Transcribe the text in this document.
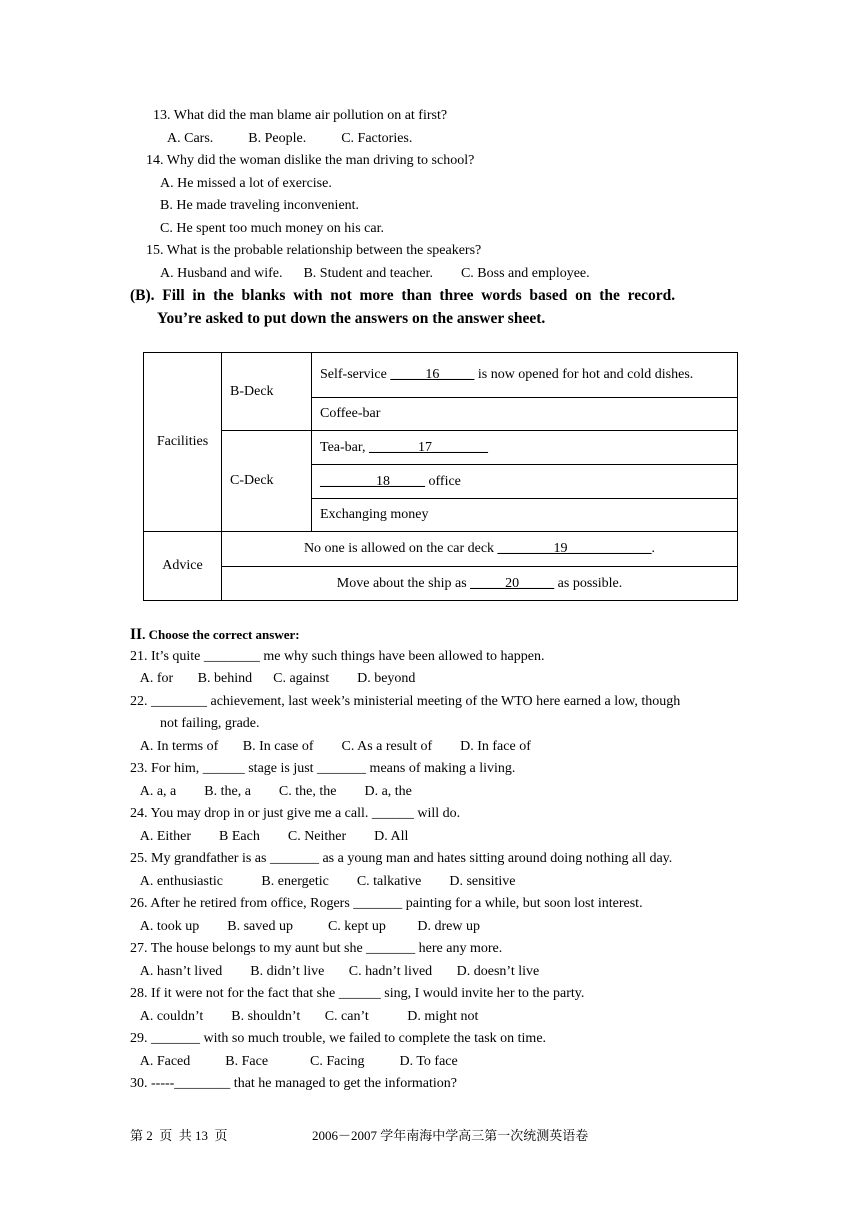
13. What did the man blame air pollution on at first?
A. Cars.          B. People.          C. Factories.
14. Why did the woman dislike the man driving to school?
A. He missed a lot of exercise.
B. He made traveling inconvenient.
C. He spent too much money on his car.
15. What is the probable relationship between the speakers?
A. Husband and wife.      B. Student and teacher.        C. Boss and employee.
(B).  Fill  in  the  blanks  with  not  more  than  three  words  based  on  the  record.
You’re asked to put down the answers on the answer sheet.
Facilities	B-Deck	Self-service _____16_____ is now opened for hot and cold dishes.
		Coffee-bar
	C-Deck	Tea-bar, _______17________
		________18_____ office
		Exchanging money
Advice	No one is allowed on the car deck ________19____________.	
	Move about the ship as _____20_____ as possible.	
II. Choose the correct answer:
21. It’s quite ________ me why such things have been allowed to happen.
A. for       B. behind      C. against        D. beyond
22. ________ achievement, last week’s ministerial meeting of the WTO here earned a low, though
not failing, grade.
A. In terms of       B. In case of        C. As a result of        D. In face of
23. For him, ______ stage is just _______ means of making a living.
A. a, a        B. the, a        C. the, the        D. a, the
24. You may drop in or just give me a call. ______ will do.
A. Either        B Each        C. Neither        D. All
25. My grandfather is as _______ as a young man and hates sitting around doing nothing all day.
A. enthusiastic           B. energetic        C. talkative        D. sensitive
26. After he retired from office, Rogers _______ painting for a while, but soon lost interest.
A. took up        B. saved up          C. kept up         D. drew up
27. The house belongs to my aunt but she _______ here any more.
A. hasn’t lived        B. didn’t live       C. hadn’t lived       D. doesn’t live
28. If it were not for the fact that she ______ sing, I would invite her to the party.
A. couldn’t        B. shouldn’t       C. can’t           D. might not
29. _______ with so much trouble, we failed to complete the task on time.
A. Faced          B. Face            C. Facing          D. To face
30. -----________ that he managed to get the information?
第 2  页  共 13  页	2006－2007 学年南海中学高三第一次统测英语卷
